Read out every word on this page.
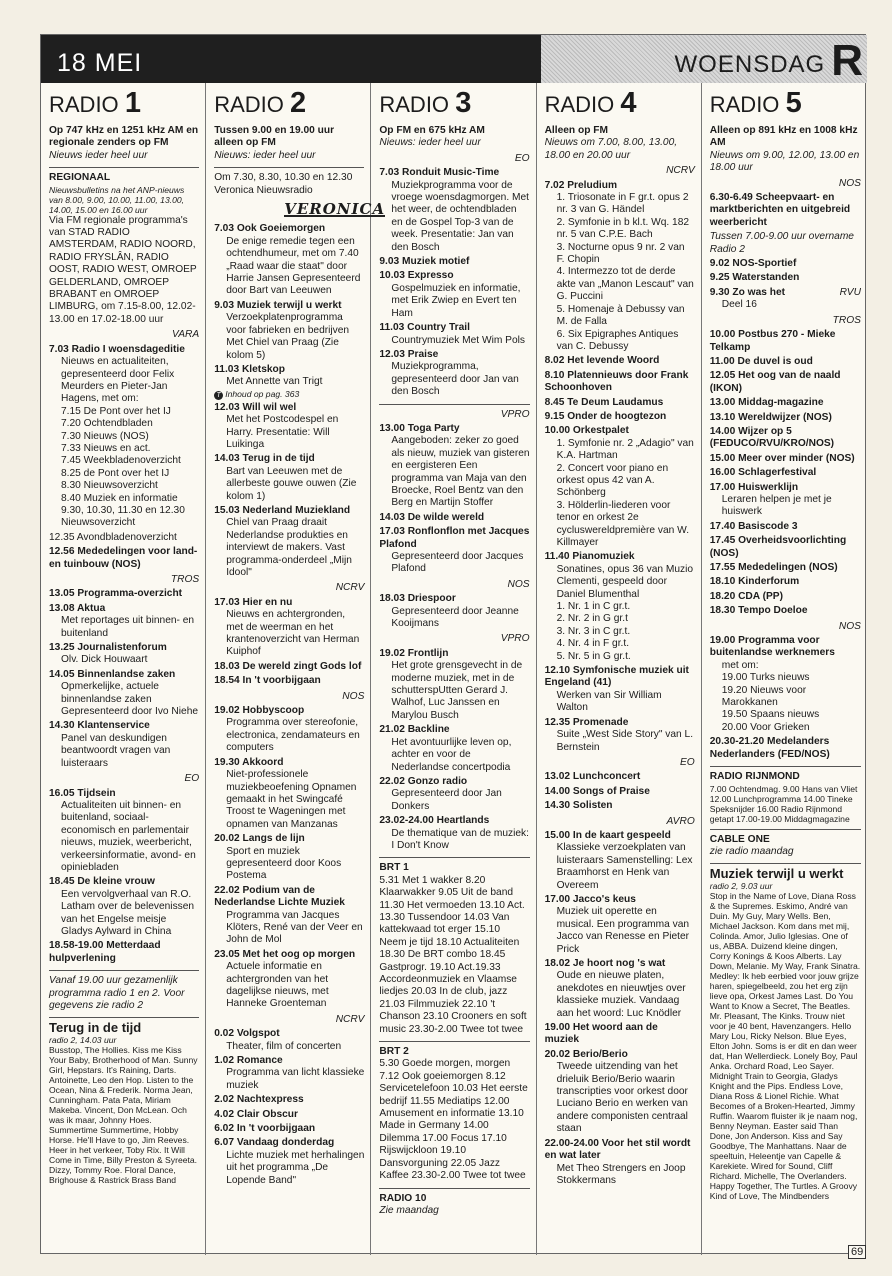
18 MEI	WOENSDAG R
RADIO 1
Op 747 kHz en 1251 kHz AM en regionale zenders op FM
Nieuws ieder heel uur
REGIONAAL
Nieuwsbulletins na het ANP-nieuws van 8.00, 9.00, 10.00, 11.00, 13.00, 14.00, 15.00 en 16.00 uur
Via FM regionale programma's van STAD RADIO AMSTERDAM, RADIO NOORD, RADIO FRYSLÂN, RADIO OOST, RADIO WEST, OMROEP GELDERLAND, OMROEP BRABANT en OMROEP LIMBURG, om 7.15-8.00, 12.02-13.00 en 17.02-18.00 uur
VARA
7.03 Radio I woensdageditie
Nieuws en actualiteiten, gepresenteerd door Felix Meurders en Pieter-Jan Hagens, met om:
7.15 De Pont over het IJ
7.20 Ochtendbladen
7.30 Nieuws (NOS)
7.33 Nieuws en act.
7.45 Weekbladenoverzicht
8.25 de Pont over het IJ
8.30 Nieuwsoverzicht
8.40 Muziek en informatie
9.30, 10.30, 11.30 en 12.30 Nieuwsoverzicht
12.35 Avondbladenoverzicht
12.56 Mededelingen voor land- en tuinbouw (NOS)
TROS
13.05 Programma-overzicht
13.08 Aktua
Met reportages uit binnen- en buitenland
13.25 Journalistenforum
Olv. Dick Houwaart
14.05 Binnenlandse zaken
Opmerkelijke, actuele binnenlandse zaken Gepresenteerd door Ivo Niehe
14.30 Klantenservice
Panel van deskundigen beantwoordt vragen van luisteraars
EO
16.05 Tijdsein
Actualiteiten uit binnen- en buitenland, sociaal-economisch en parlementair nieuws, muziek, weerbericht, verkeersinformatie, avond- en opiniebladen
18.45 De kleine vrouw
Een vervolgverhaal van R.O. Latham over de belevenissen van het Engelse meisje Gladys Aylward in China
18.58-19.00 Metterdaad hulpverlening
Vanaf 19.00 uur gezamenlijk programma radio 1 en 2. Voor gegevens zie radio 2
Terug in de tijd
radio 2, 14.03 uur
Busstop, The Hollies. Kiss me Kiss Your Baby, Brotherhood of Man. Sunny Girl, Hepstars. It's Raining, Darts. Antoinette, Leo den Hop. Listen to the Ocean, Nina & Frederik. Norma Jean, Cunningham. Pata Pata, Miriam Makeba. Vincent, Don McLean. Och was ik maar, Johnny Hoes. Summertime Summertime, Hobby Horse. He'll Have to go, Jim Reeves. Heer in het verkeer, Toby Rix. It Will Come in Time, Billy Preston & Syreeta. Dizzy, Tommy Roe. Floral Dance, Brighouse & Rastrick Brass Band
RADIO 2
Tussen 9.00 en 19.00 uur alleen op FM
Nieuws: ieder heel uur
Om 7.30, 8.30, 10.30 en 12.30 Veronica Nieuwsradio
VERONICA
7.03 Ook Goeiemorgen
De enige remedie tegen een ochtendhumeur, met om 7.40 „Raad waar die staat" door Harrie Jansen Gepresenteerd door Bart van Leeuwen
9.03 Muziek terwijl u werkt
Verzoekplatenprogramma voor fabrieken en bedrijven Met Chiel van Praag (Zie kolom 5)
11.03 Kletskop
Met Annette van Trigt
T Inhoud op pag. 363
12.03 Will wil wel
Met het Postcodespel en Harry. Presentatie: Will Luikinga
14.03 Terug in de tijd
Bart van Leeuwen met de allerbeste gouwe ouwen (Zie kolom 1)
15.03 Nederland Muziekland
Chiel van Praag draait Nederlandse produkties en interviewt de makers. Vast programma-onderdeel „Mijn Idool"
NCRV
17.03 Hier en nu
Nieuws en achtergronden, met de weerman en het krantenoverzicht van Herman Kuiphof
18.03 De wereld zingt Gods lof
18.54 In 't voorbijgaan
NOS
19.02 Hobbyscoop
Programma over stereofonie, electronica, zendamateurs en computers
19.30 Akkoord
Niet-professionele muziekbeoefening Opnamen gemaakt in het Swingcafé Troost te Wageningen met opnamen van Manzanas
20.02 Langs de lijn
Sport en muziek gepresenteerd door Koos Postema
22.02 Podium van de Nederlandse Lichte Muziek
Programma van Jacques Klöters, René van der Veer en John de Mol
23.05 Met het oog op morgen
Actuele informatie en achtergronden van het dagelijkse nieuws, met Hanneke Groenteman
NCRV
0.02 Volgspot
Theater, film of concerten
1.02 Romance
Programma van licht klassieke muziek
2.02 Nachtexpress
4.02 Clair Obscur
6.02 In 't voorbijgaan
6.07 Vandaag donderdag
Lichte muziek met herhalingen uit het programma „De Lopende Band"
RADIO 3
Op FM en 675 kHz AM
Nieuws: ieder heel uur
EO
7.03 Ronduit Music-Time
Muziekprogramma voor de vroege woensdagmorgen. Met het weer, de ochtendbladen en de Gospel Top-3 van de week. Presentatie: Jan van den Bosch
9.03 Muziek motief
10.03 Expresso
Gospelmuziek en informatie, met Erik Zwiep en Evert ten Ham
11.03 Country Trail
Countrymuziek Met Wim Pols
12.03 Praise
Muziekprogramma, gepresenteerd door Jan van den Bosch
VPRO
13.00 Toga Party
Aangeboden: zeker zo goed als nieuw, muziek van gisteren en eergisteren Een programma van Maja van den Broecke, Roel Bentz van den Berg en Martijn Stoffer
14.03 De wilde wereld
17.03 Ronflonflon met Jacques Plafond
Gepresenteerd door Jacques Plafond
NOS
18.03 Driespoor
Gepresenteerd door Jeanne Kooijmans
VPRO
19.02 Frontlijn
Het grote grensgevecht in de moderne muziek, met in de schutterspUtten Gerard J. Walhof, Luc Janssen en Marylou Busch
21.02 Backline
Het avontuurlijke leven op, achter en voor de Nederlandse concertpodia
22.02 Gonzo radio
Gepresenteerd door Jan Donkers
23.02-24.00 Heartlands
De thematique van de muziek: I Don't Know
BRT 1
5.31 Met 1 wakker 8.20 Klaarwakker 9.05 Uit de band 11.30 Het vermoeden 13.10 Act. 13.30 Tussendoor 14.03 Van kattekwaad tot erger 15.10 Neem je tijd 18.10 Actualiteiten 18.30 De BRT combo 18.45 Gastprogr. 19.10 Act.19.33 Accordeonmuziek en Vlaamse liedjes 20.03 In de club, jazz 21.03 Filmmuziek 22.10 't Chanson 23.10 Crooners en soft music 23.30-2.00 Twee tot twee
BRT 2
5.30 Goede morgen, morgen 7.12 Ook goeiemorgen 8.12 Servicetelefoon 10.03 Het eerste bedrijf 11.55 Mediatips 12.00 Amusement en informatie 13.10 Made in Germany 14.00 Dilemma 17.00 Focus 17.10 Rijswijckloon 19.10 Dansvorguning 22.05 Jazz Kaffee 23.30-2.00 Twee tot twee
RADIO 10
Zie maandag
RADIO 4
Alleen op FM
Nieuws om 7.00, 8.00, 13.00, 18.00 en 20.00 uur
NCRV
7.02 Preludium
1. Triosonate in F gr.t. opus 2 nr. 3 van G. Händel
2. Symfonie in b kl.t. Wq. 182 nr. 5 van C.P.E. Bach
3. Nocturne opus 9 nr. 2 van F. Chopin
4. Intermezzo tot de derde akte van „Manon Lescaut" van G. Puccini
5. Homenaje à Debussy van M. de Falla
6. Six Epigraphes Antiques van C. Debussy
8.02 Het levende Woord
8.10 Platennieuws door Frank Schoonhoven
8.45 Te Deum Laudamus
9.15 Onder de hoogtezon
10.00 Orkestpalet
1. Symfonie nr. 2 „Adagio" van K.A. Hartman
2. Concert voor piano en orkest opus 42 van A. Schönberg
3. Hölderlin-liederen voor tenor en orkest 2e cycluswereldpremière van W. Killmayer
11.40 Pianomuziek
Sonatines, opus 36 van Muzio Clementi, gespeeld door Daniel Blumenthal
1. Nr. 1 in C gr.t.
2. Nr. 2 in G gr.t
3. Nr. 3 in C gr.t.
4. Nr. 4 in F gr.t.
5. Nr. 5 in G gr.t.
12.10 Symfonische muziek uit Engeland (41)
Werken van Sir William Walton
12.35 Promenade
Suite „West Side Story" van L. Bernstein
EO
13.02 Lunchconcert
14.00 Songs of Praise
14.30 Solisten
AVRO
15.00 In de kaart gespeeld
Klassieke verzoekplaten van luisteraars Samenstelling: Lex Braamhorst en Henk van Overeem
17.00 Jacco's keus
Muziek uit operette en musical. Een programma van Jacco van Renesse en Pieter Prick
18.02 Je hoort nog 's wat
Oude en nieuwe platen, anekdotes en nieuwtjes over klassieke muziek. Vandaag aan het woord: Luc Knödler
19.00 Het woord aan de muziek
20.02 Berio/Berio
Tweede uitzending van het drieluik Berio/Berio waarin transcripties voor orkest door Luciano Berio en werken van andere componisten centraal staan
22.00-24.00 Voor het stil wordt en wat later
Met Theo Strengers en Joop Stokkermans
RADIO 5
Alleen op 891 kHz en 1008 kHz AM
Nieuws om 9.00, 12.00, 13.00 en 18.00 uur
NOS
6.30-6.49 Scheepvaart- en marktberichten en uitgebreid weerbericht
Tussen 7.00-9.00 uur overname Radio 2
9.02 NOS-Sportief
9.25 Waterstanden
9.30 Zo was het	RVU
Deel 16
TROS
10.00 Postbus 270 - Mieke Telkamp
11.00 De duvel is oud
12.05 Het oog van de naald (IKON)
13.00 Middag-magazine
13.10 Wereldwijzer (NOS)
14.00 Wijzer op 5 (FEDUCO/RVU/KRO/NOS)
15.00 Meer over minder (NOS)
16.00 Schlagerfestival
17.00 Huiswerklijn
Leraren helpen je met je huiswerk
17.40 Basiscode 3
17.45 Overheidsvoorlichting (NOS)
17.55 Mededelingen (NOS)
18.10 Kinderforum
18.20 CDA (PP)
18.30 Tempo Doeloe
NOS
19.00 Programma voor buitenlandse werknemers
met om:
19.00 Turks nieuws
19.20 Nieuws voor Marokkanen
19.50 Spaans nieuws
20.00 Voor Grieken
20.30-21.20 Medelanders Nederlanders (FED/NOS)
RADIO RIJNMOND
7.00 Ochtendmag. 9.00 Hans van Vliet 12.00 Lunchprogramma 14.00 Tineke Speksnijder 16.00 Radio Rijnmond getapt 17.00-19.00 Middagmagazine
CABLE ONE
zie radio maandag
Muziek terwijl u werkt
radio 2, 9.03 uur
Stop in the Name of Love, Diana Ross & the Supremes. Eskimo, André van Duin. My Guy, Mary Wells. Ben, Michael Jackson. Kom dans met mij, Colinda. Amor, Julio Iglesias. One of us, ABBA. Duizend kleine dingen, Corry Konings & Koos Alberts. Lay Down, Melanie. My Way, Frank Sinatra. Medley: Ik heb eerbied voor jouw grijze haren, spiegelbeeld, zou het erg zijn lieve opa, Orkest James Last. Do You Want to Know a Secret, The Beatles. Mr. Pleasant, The Kinks. Trouw niet voor je 40 bent, Havenzangers. Hello Mary Lou, Ricky Nelson. Blue Eyes, Elton John. Soms is er dit en dan weer dat, Han Wellerdieck. Lonely Boy, Paul Anka. Orchard Road, Leo Sayer. Midnight Train to Georgia, Gladys Knight and the Pips. Endless Love, Diana Ross & Lionel Richie. What Becomes of a Broken-Hearted, Jimmy Ruffin. Waarom fluister ik je naam nog, Benny Neyman. Easter said Than Done, Jon Anderson. Kiss and Say Goodbye, The Manhattans. Naar de speeltuin, Heleentje van Capelle & Karekiete. Wired for Sound, Cliff Richard. Michelle, The Overlanders. Happy Together, The Turtles. A Groovy Kind of Love, The Mindbenders
69
